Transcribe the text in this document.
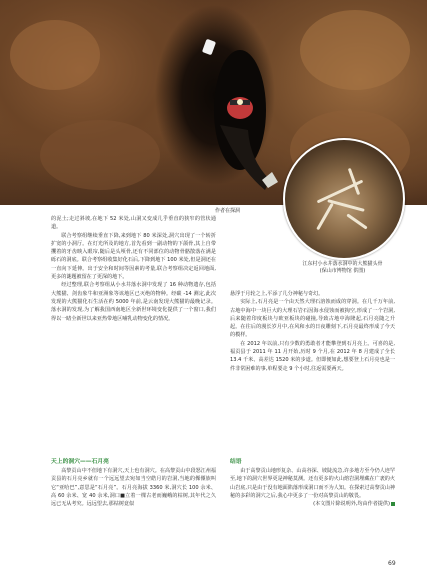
作者在探洞
江东村小水井落水洞中的大熊猫头骨
(保山市博物馆 供图)

的泥土;走过斜坡,在地下 52 米处,山洞又变成几乎垂直的狭窄的管状通道。

联合考察组继续垂直下降,来到地下 80 米深处,洞穴出现了一个转折扩宽的小洞厅。在灯光所及的地方,首先看到一副动物的下颌骨,其上自带攫着的牙齿映入眼帘,随后是头颅骨,还有不同部位的动物骨骼散落在满是砾石的洞底。联合考察组收集好化石后,下降到地下 100 米处,但是洞还在一直向下延伸。出于安全和时间等因素的考量,联合考察组决定返回地面,更多的谜题被留在了更深的地下。

经过整理,联合考察组从小水井落水洞中发现了 16 种动物遗存,包括大熊猫、剑齿象牛和亚洲象等该地区已灭绝的物种。经碳 -14 测定,此次发现的大熊猫化石生活在约 5000 年前,是云南发现大熊猫的最晚记录。落水洞的发现,为了解我国西南地区全新世环境变化提供了一个窗口,我们得以一睹全新世以来亚热带地区哺乳动物变化的情况。

天上的洞穴——石月亮

高黎贡山中不但地下有洞穴,天上也有洞穴。在高黎贡山中段怒江州福贡县的石月亮乡就有一个远远望去宛如当空皓月的岩洞,当地的傈僳族叫它“亚哈巴”,意思是“石月亮”。石月亮海拔 3360 米,洞穴长 100 余米、高 60 余米、宽 40 余米,洞口■立着一棵古老而巍峨的枯树,其年代之久远已无从考究。远远望去,那枯树竟似

悬浮于月轮之上,平添了几分神秘与奇幻。

实际上,石月亮是一个由天然大理石溶蚀而成的穿洞。在几千万年前,古地中海中一块巨大的大理石岩石因海水侵蚀而被掏空,形成了一个岩洞,后来随着印度板块与欧亚板块的碰撞,导致古地中海隆起,石月亮随之升起。在往后的漫长岁月中,在风和水的日夜雕刻下,石月亮最终形成了今天的模样。

在 2012 年以前,只有少数的勇敢者才能攀登到石月亮上。可喜的是,福贡县于 2011 年 11 月开始,历时 9 个月,在 2012 年 8 月建成了全长 13.4 千米、高差达 1520 米的步道。但即便如此,想要登上石月亮也是一件非常困难的事,单程要走 9 个小时,往返需要两天。

结语

由于高黎贡山地形复杂、山高谷深、坡陡流急,许多地方至今仍人迹罕至,地下的洞穴世界更是神秘莫测。还有更多的火山熔岩洞埋藏在广袤的火山岩底,只是由于没有地面陷落形成洞口而不为人知。在探索过高黎贡山神秘的多彩的洞穴之后,我心中更多了一份对高黎贡山的敬畏。

(本文图片除说明外,均由作者提供)

69
